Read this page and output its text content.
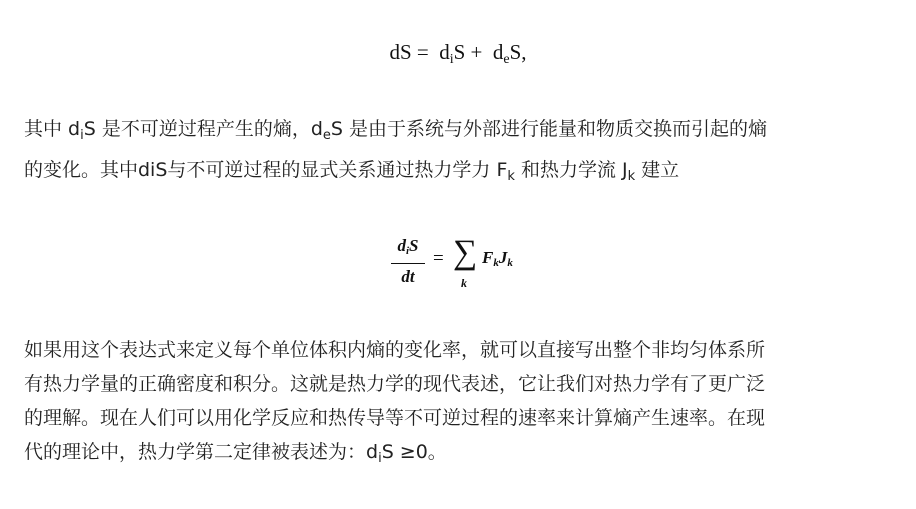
dS = $d_iS + d_eS$,
其中 $d_iS$ 是不可逆过程产生的熵，$d_eS$ 是由于系统与外部进行能量和物质交换而引起的熵
的变化。其中diS与不可逆过程的显式关系通过热力学力 $F_k$ 和热力学流 $J_k$ 建立
$d_iS$
dt
= ∑
k
$F_kJ_k$
如果用这个表达式来定义每个单位体积内熵的变化率，就可以直接写出整个非均匀体系所
有热力学量的正确密度和积分。这就是热力学的现代表述，它让我们对热力学有了更广泛
的理解。现在人们可以用化学反应和热传导等不可逆过程的速率来计算熵产生速率。在现
代的理论中，热力学第二定律被表述为：$d_iS \ge 0$。
